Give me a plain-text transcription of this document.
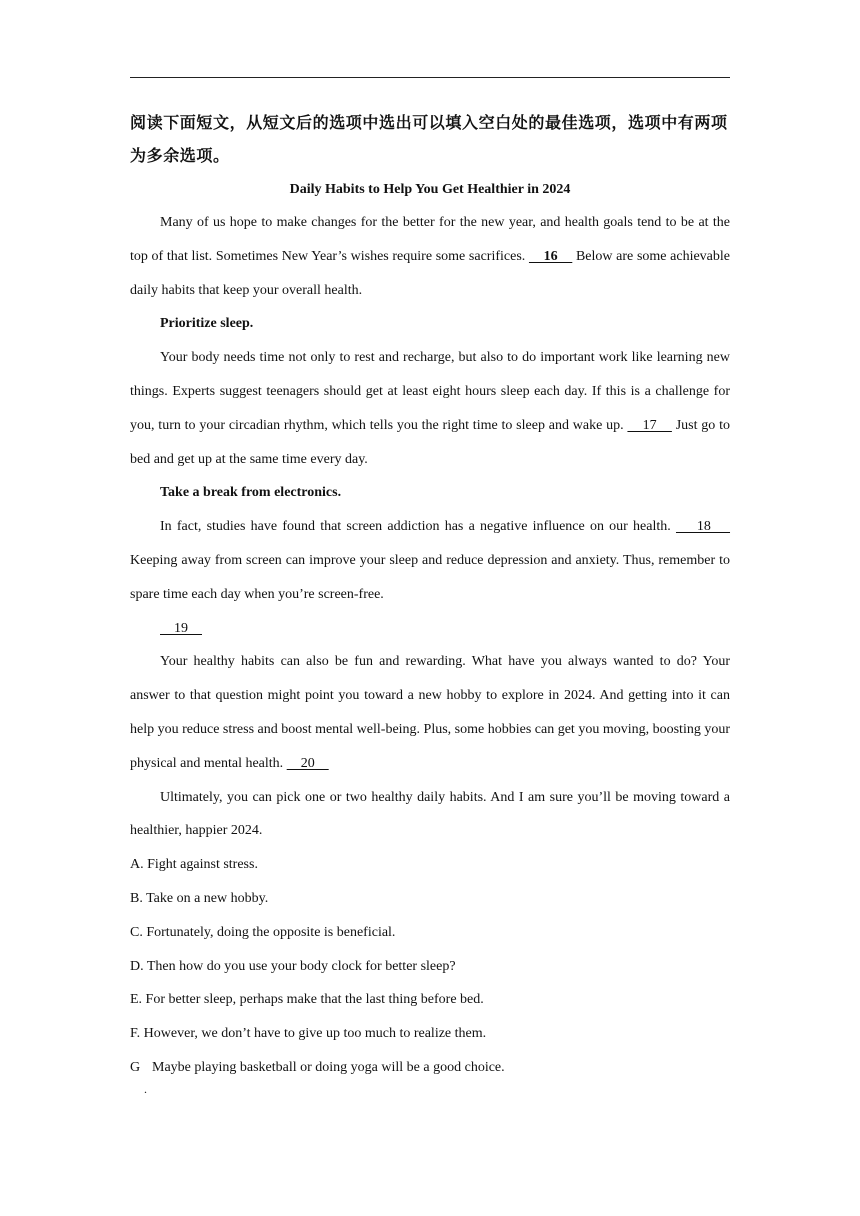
阅读下面短文，从短文后的选项中选出可以填入空白处的最佳选项，选项中有两项为多余选项。
Daily Habits to Help You Get Healthier in 2024

Many of us hope to make changes for the better for the new year, and health goals tend to be at the top of that list. Sometimes New Year’s wishes require some sacrifices.     16     Below are some achievable daily habits that keep your overall health.

Prioritize sleep.

Your body needs time not only to rest and recharge, but also to do important work like learning new things. Experts suggest teenagers should get at least eight hours sleep each day. If this is a challenge for you, turn to your circadian rhythm, which tells you the right time to sleep and wake up.     17     Just go to bed and get up at the same time every day.

Take a break from electronics.

In fact, studies have found that screen addiction has a negative influence on our health.     18     Keeping away from screen can improve your sleep and reduce depression and anxiety. Thus, remember to spare time each day when you’re screen-free.

19

Your healthy habits can also be fun and rewarding. What have you always wanted to do? Your answer to that question might point you toward a new hobby to explore in 2024. And getting into it can help you reduce stress and boost mental well-being. Plus, some hobbies can get you moving, boosting your physical and mental health.     20

Ultimately, you can pick one or two healthy daily habits. And I am sure you’ll be moving toward a healthier, happier 2024.

A. Fight against stress.

B. Take on a new hobby.

C. Fortunately, doing the opposite is beneficial.

D. Then how do you use your body clock for better sleep?

E. For better sleep, perhaps make that the last thing before bed.

F. However, we don’t have to give up too much to realize them.

G
.
Maybe playing basketball or doing yoga will be a good choice.
